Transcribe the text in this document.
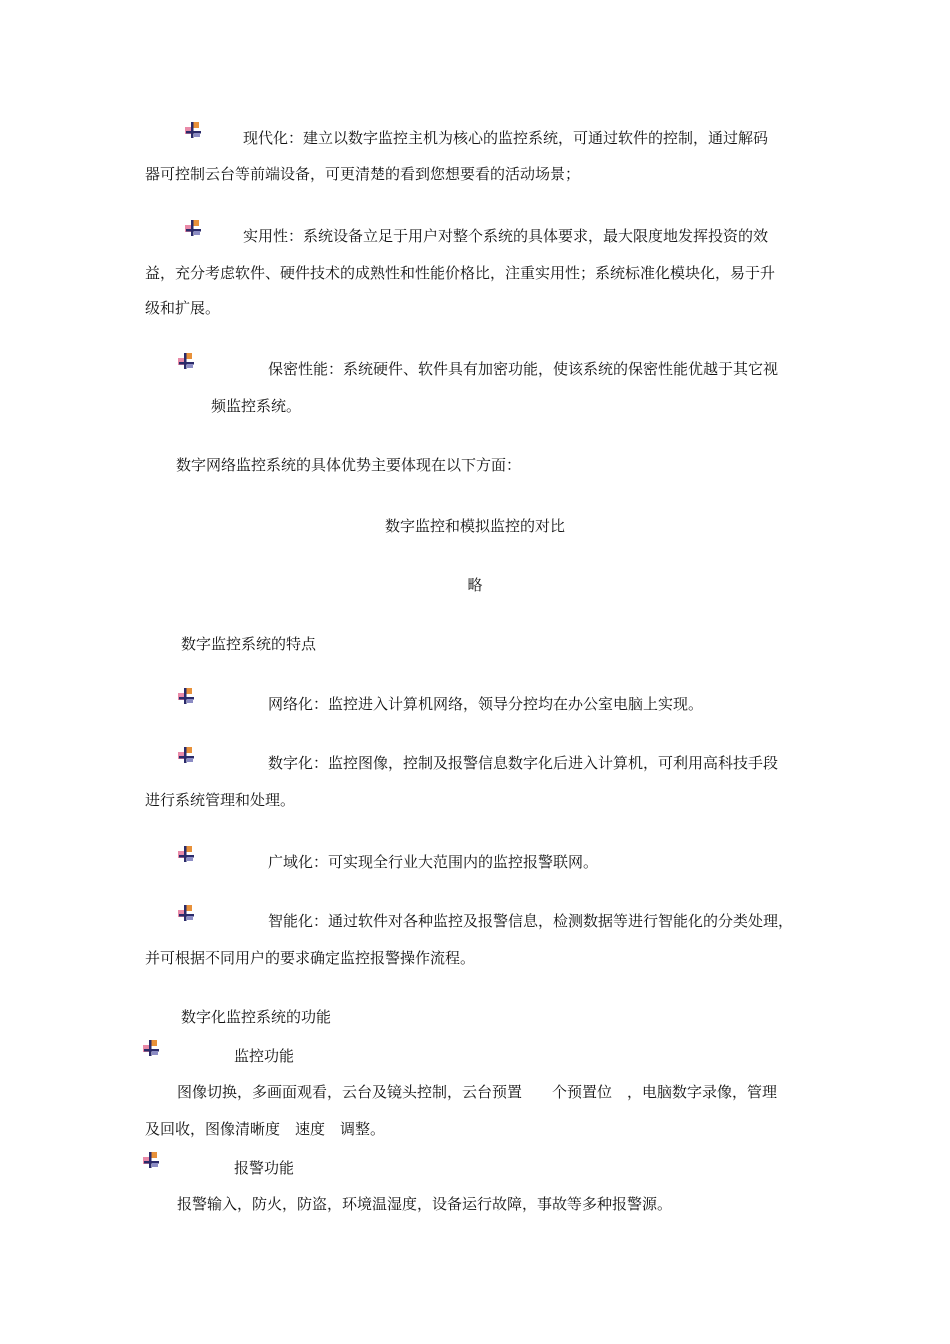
现代化：建立以数字监控主机为核心的监控系统，可通过软件的控制，通过解码
器可控制云台等前端设备，可更清楚的看到您想要看的活动场景；
实用性：系统设备立足于用户对整个系统的具体要求，最大限度地发挥投资的效
益，充分考虑软件、硬件技术的成熟性和性能价格比，注重实用性；系统标准化模块化，易于升
级和扩展。
保密性能：系统硬件、软件具有加密功能，使该系统的保密性能优越于其它视
频监控系统。
数字网络监控系统的具体优势主要体现在以下方面：
数字监控和模拟监控的对比
略
数字监控系统的特点
网络化：监控进入计算机网络，领导分控均在办公室电脑上实现。
数字化：监控图像，控制及报警信息数字化后进入计算机，可利用高科技手段
进行系统管理和处理。
广域化：可实现全行业大范围内的监控报警联网。
智能化：通过软件对各种监控及报警信息，检测数据等进行智能化的分类处理，
并可根据不同用户的要求确定监控报警操作流程。
数字化监控系统的功能
监控功能
图像切换，多画面观看，云台及镜头控制，云台预置　　个预置位　，电脑数字录像，管理
及回收，图像清晰度　速度　调整。
报警功能
报警输入，防火，防盗，环境温湿度，设备运行故障，事故等多种报警源。
